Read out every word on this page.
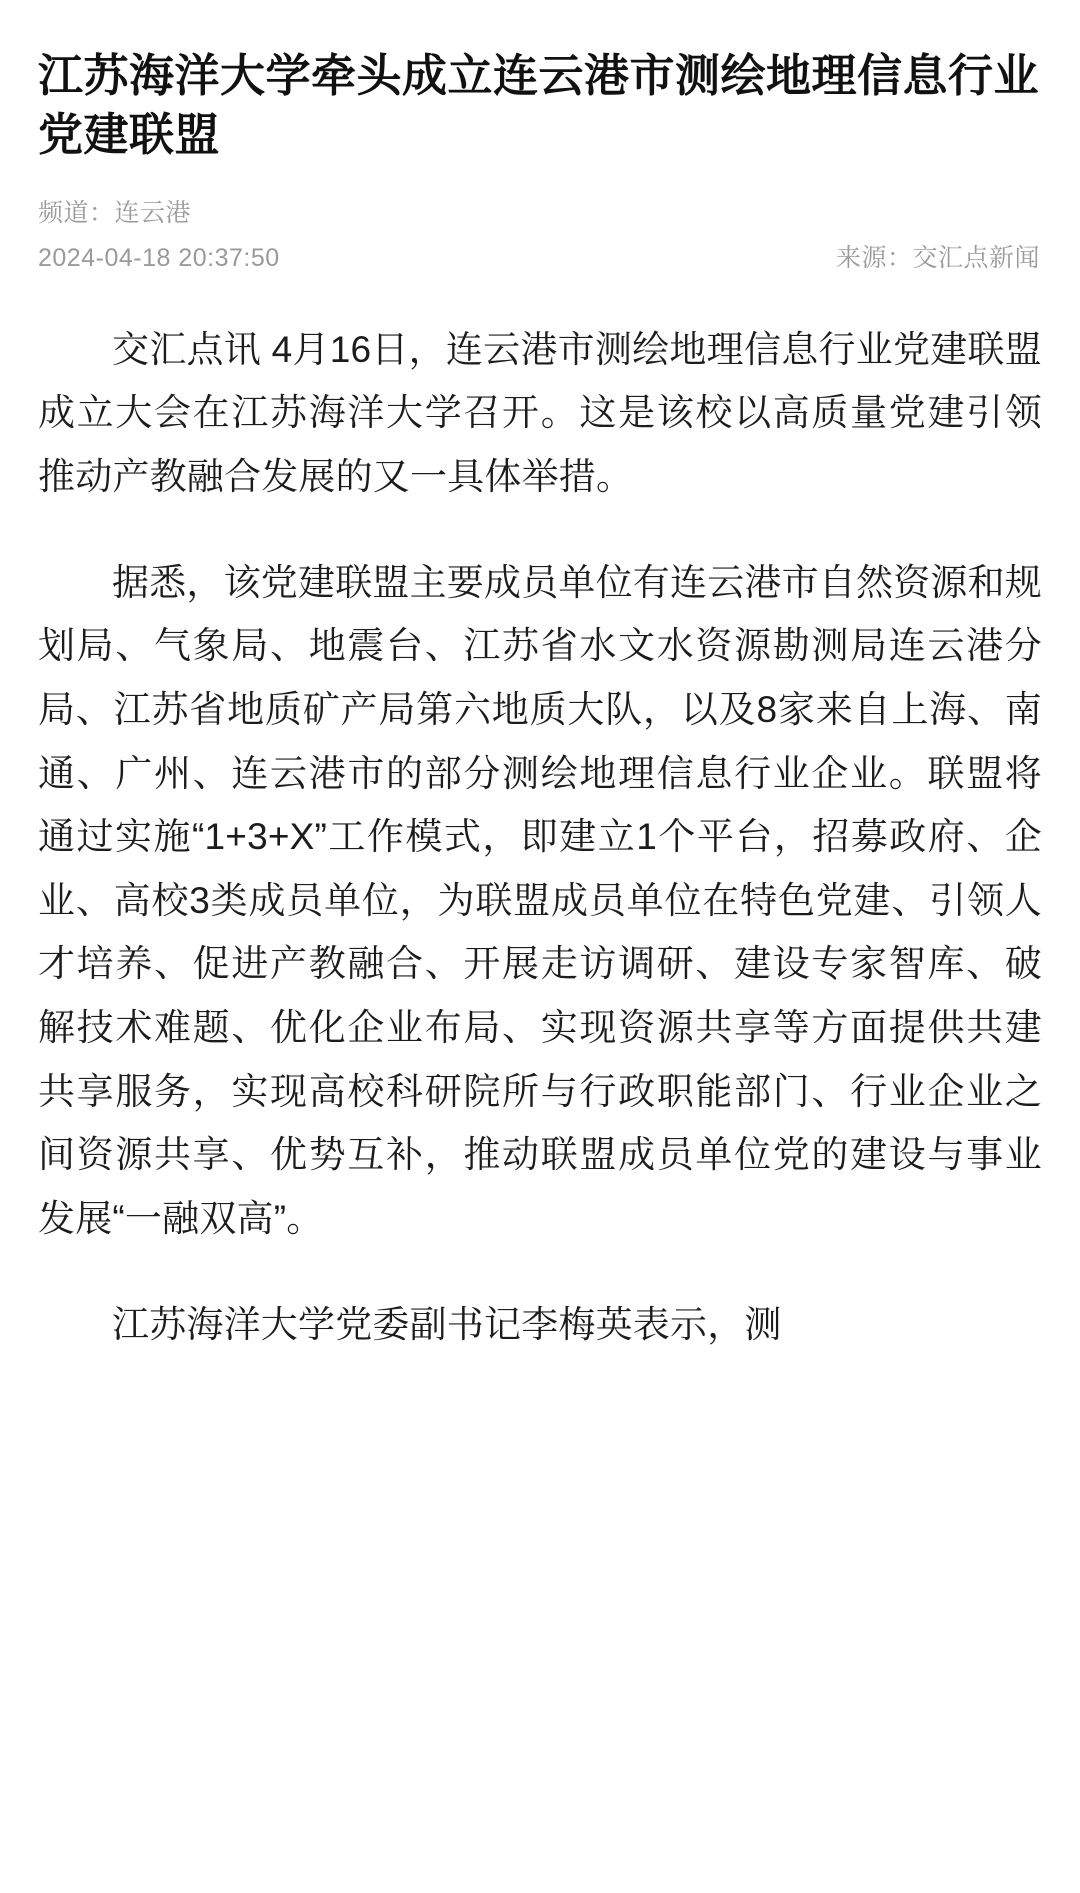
江苏海洋大学牵头成立连云港市测绘地理信息行业党建联盟
频道：连云港
2024-04-18 20:37:50	来源：交汇点新闻

交汇点讯 4月16日，连云港市测绘地理信息行业党建联盟成立大会在江苏海洋大学召开。这是该校以高质量党建引领推动产教融合发展的又一具体举措。

据悉，该党建联盟主要成员单位有连云港市自然资源和规划局、气象局、地震台、江苏省水文水资源勘测局连云港分局、江苏省地质矿产局第六地质大队，以及8家来自上海、南通、广州、连云港市的部分测绘地理信息行业企业。联盟将通过实施“1+3+X”工作模式，即建立1个平台，招募政府、企业、高校3类成员单位，为联盟成员单位在特色党建、引领人才培养、促进产教融合、开展走访调研、建设专家智库、破解技术难题、优化企业布局、实现资源共享等方面提供共建共享服务，实现高校科研院所与行政职能部门、行业企业之间资源共享、优势互补，推动联盟成员单位党的建设与事业发展“一融双高”。

江苏海洋大学党委副书记李梅英表示，测
